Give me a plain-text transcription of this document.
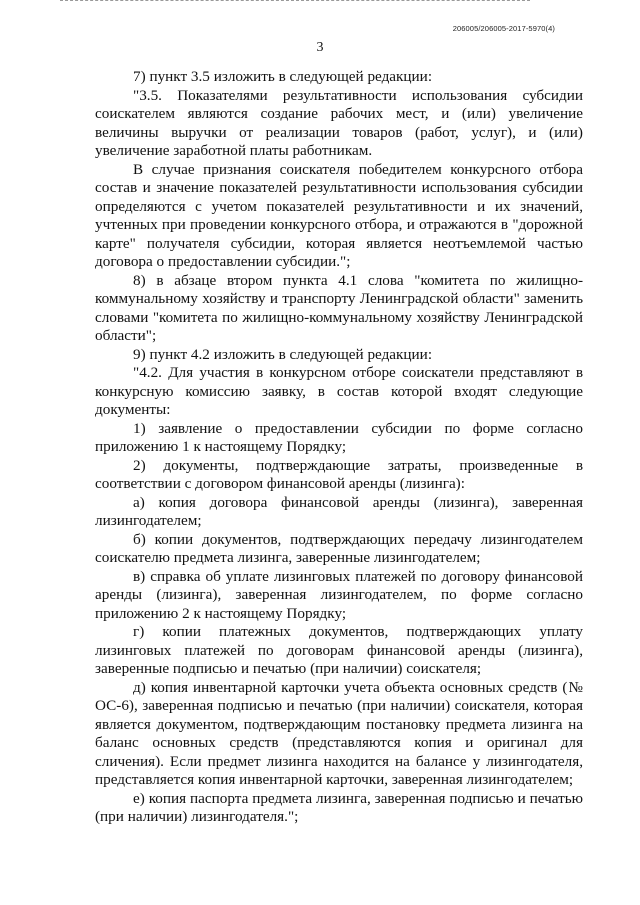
206005/206005-2017-5970(4)
3

7) пункт 3.5 изложить в следующей редакции:

"3.5. Показателями результативности использования субсидии соискателем являются создание рабочих мест, и (или) увеличение величины выручки от реализации товаров (работ, услуг), и (или) увеличение заработной платы работникам.

В случае признания соискателя победителем конкурсного отбора состав и значение показателей результативности использования субсидии определяются с учетом показателей результативности и их значений, учтенных при проведении конкурсного отбора, и отражаются в "дорожной карте" получателя субсидии, которая является неотъемлемой частью договора о предоставлении субсидии.";

8) в абзаце втором пункта 4.1 слова "комитета по жилищно-коммунальному хозяйству и транспорту Ленинградской области" заменить словами "комитета по жилищно-коммунальному хозяйству Ленинградской области";

9) пункт 4.2 изложить в следующей редакции:

"4.2. Для участия в конкурсном отборе соискатели представляют в конкурсную комиссию заявку, в состав которой входят следующие документы:

1) заявление о предоставлении субсидии по форме согласно приложению 1 к настоящему Порядку;

2) документы, подтверждающие затраты, произведенные в соответствии с договором финансовой аренды (лизинга):

а) копия договора финансовой аренды (лизинга), заверенная лизингодателем;

б) копии документов, подтверждающих передачу лизингодателем соискателю предмета лизинга, заверенные лизингодателем;

в) справка об уплате лизинговых платежей по договору финансовой аренды (лизинга), заверенная лизингодателем, по форме согласно приложению 2 к настоящему Порядку;

г) копии платежных документов, подтверждающих уплату лизинговых платежей по договорам финансовой аренды (лизинга), заверенные подписью и печатью (при наличии) соискателя;

д) копия инвентарной карточки учета объекта основных средств (№ ОС-6), заверенная подписью и печатью (при наличии) соискателя, которая является документом, подтверждающим постановку предмета лизинга на баланс основных средств (представляются копия и оригинал для сличения). Если предмет лизинга находится на балансе у лизингодателя, представляется копия инвентарной карточки, заверенная лизингодателем;

е) копия паспорта предмета лизинга, заверенная подписью и печатью (при наличии) лизингодателя.";
